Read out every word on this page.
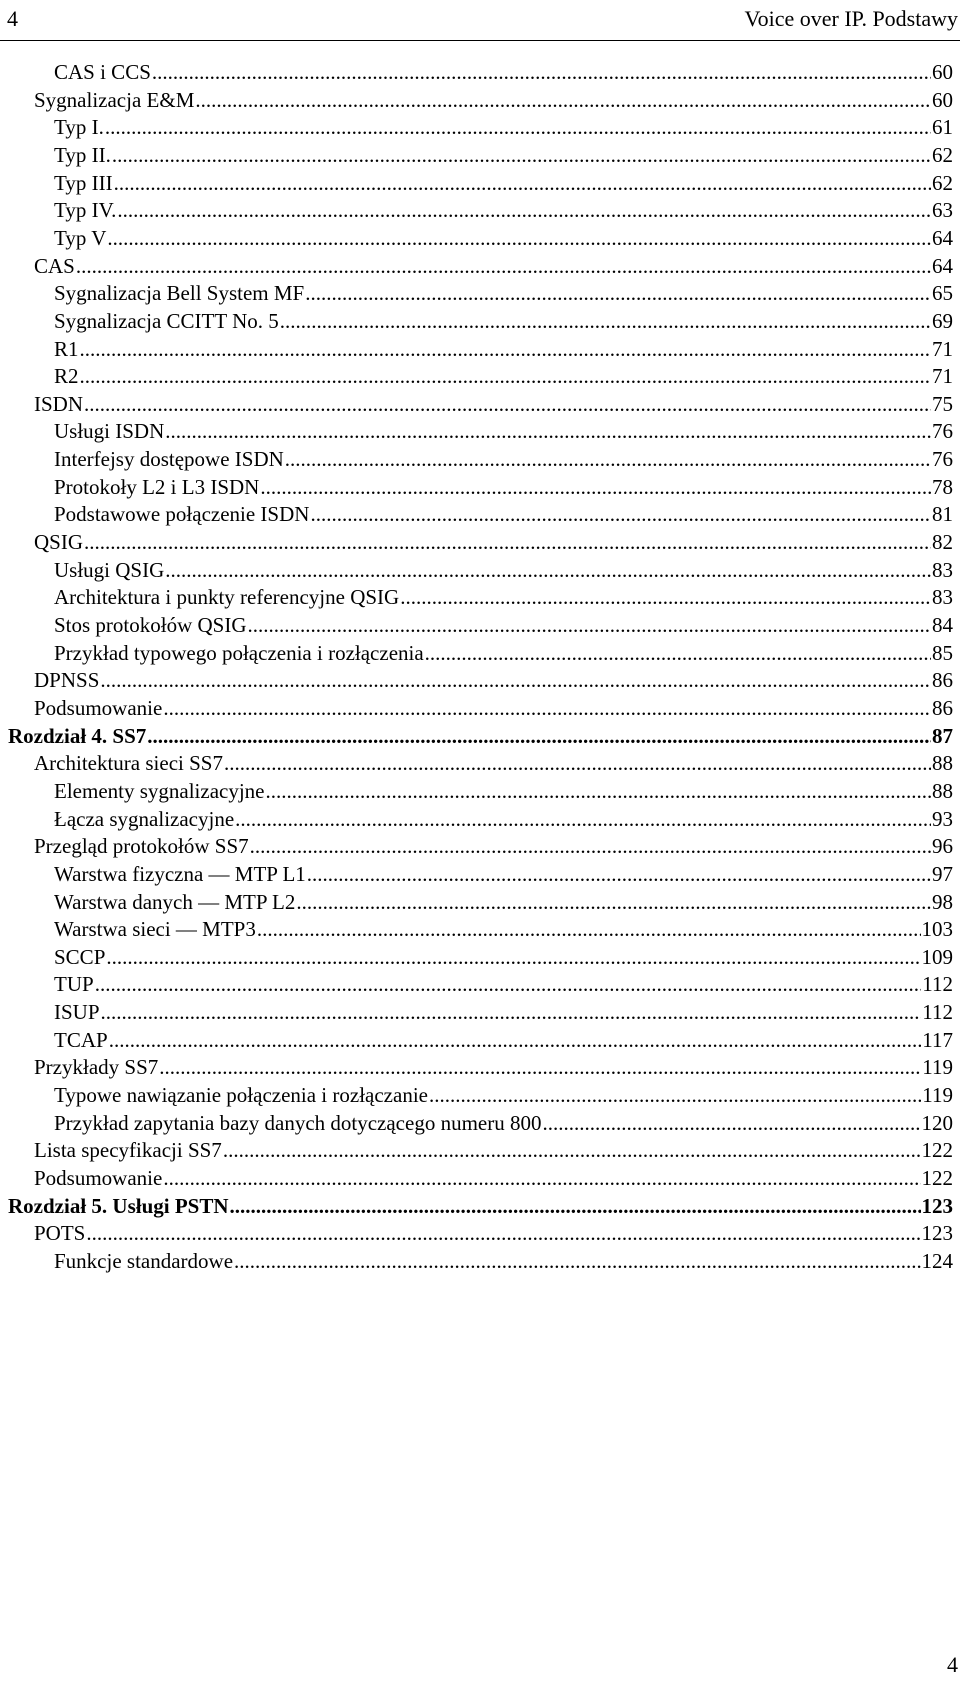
4	Voice over IP. Podstawy
CAS i CCS .....	60
Sygnalizacja E&M .....	60
Typ I. .....	61
Typ II. .....	62
Typ III .....	62
Typ IV. .....	63
Typ V .....	64
CAS .....	64
Sygnalizacja Bell System MF .....	65
Sygnalizacja CCITT No. 5 .....	69
R1 .....	71
R2 .....	71
ISDN .....	75
Usługi ISDN .....	76
Interfejsy dostępowe ISDN .....	76
Protokoły L2 i L3 ISDN .....	78
Podstawowe połączenie ISDN .....	81
QSIG .....	82
Usługi QSIG .....	83
Architektura i punkty referencyjne QSIG .....	83
Stos protokołów QSIG .....	84
Przykład typowego połączenia i rozłączenia .....	85
DPNSS .....	86
Podsumowanie .....	86
Rozdział 4. SS7 .....	87
Architektura sieci SS7 .....	88
Elementy sygnalizacyjne .....	88
Łącza sygnalizacyjne .....	93
Przegląd protokołów SS7 .....	96
Warstwa fizyczna — MTP L1 .....	97
Warstwa danych — MTP L2 .....	98
Warstwa sieci — MTP3 .....	103
SCCP .....	109
TUP .....	112
ISUP .....	112
TCAP .....	117
Przykłady SS7 .....	119
Typowe nawiązanie połączenia i rozłączanie .....	119
Przykład zapytania bazy danych dotyczącego numeru 800 .....	120
Lista specyfikacji SS7 .....	122
Podsumowanie .....	122
Rozdział 5. Usługi PSTN .....	123
POTS .....	123
Funkcje standardowe .....	124
4
